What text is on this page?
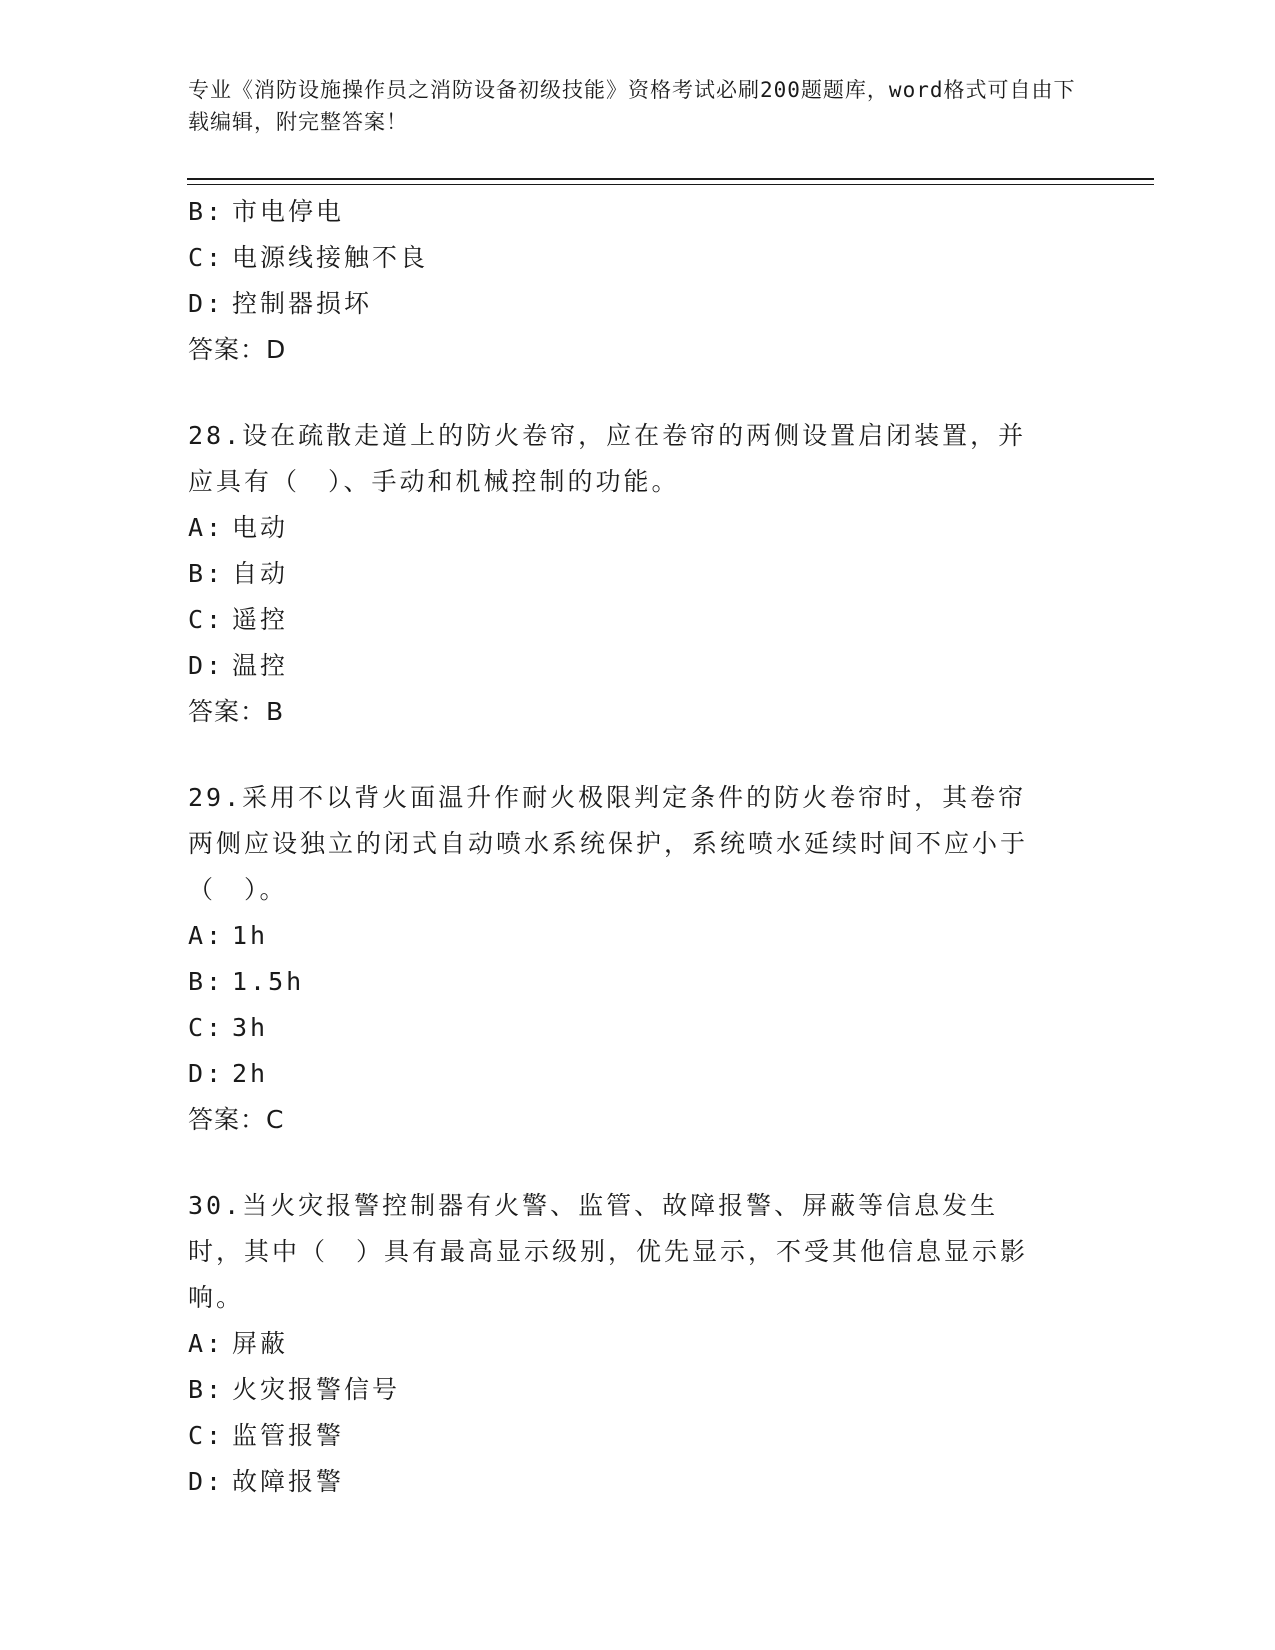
专业《消防设施操作员之消防设备初级技能》资格考试必刷200题题库，word格式可自由下载编辑，附完整答案！
B: 市电停电
C: 电源线接触不良
D: 控制器损坏
答案：D
28.设在疏散走道上的防火卷帘，应在卷帘的两侧设置启闭装置，并应具有（　）、手动和机械控制的功能。
A: 电动
B: 自动
C: 遥控
D: 温控
答案：B
29.采用不以背火面温升作耐火极限判定条件的防火卷帘时，其卷帘两侧应设独立的闭式自动喷水系统保护，系统喷水延续时间不应小于（　）。
A: 1h
B: 1.5h
C: 3h
D: 2h
答案：C
30.当火灾报警控制器有火警、监管、故障报警、屏蔽等信息发生时，其中（　）具有最高显示级别，优先显示，不受其他信息显示影响。
A: 屏蔽
B: 火灾报警信号
C: 监管报警
D: 故障报警
